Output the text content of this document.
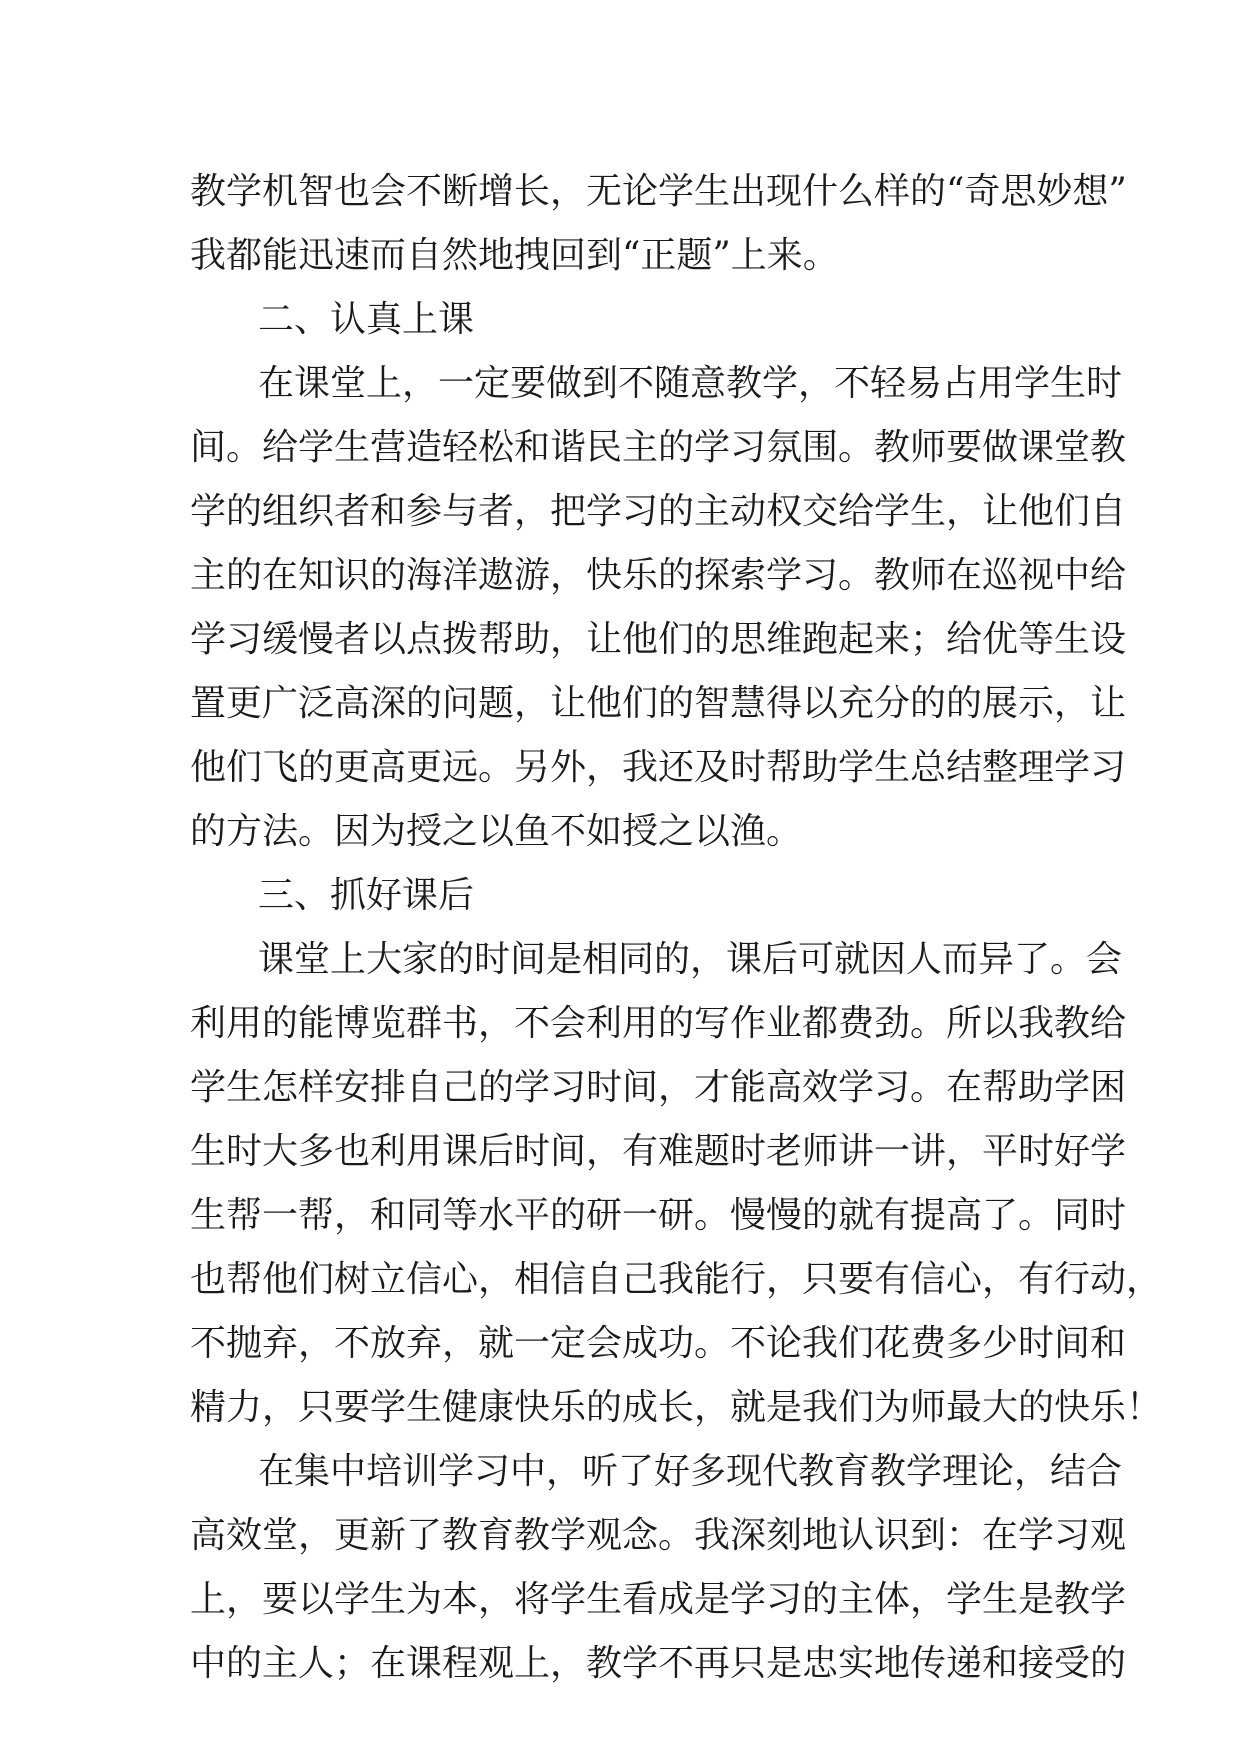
教学机智也会不断增长，无论学生出现什么样的“奇思妙想”
我都能迅速而自然地拽回到“正题”上来。
二、认真上课
在课堂上，一定要做到不随意教学，不轻易占用学生时
间。给学生营造轻松和谐民主的学习氛围。教师要做课堂教
学的组织者和参与者，把学习的主动权交给学生，让他们自
主的在知识的海洋遨游，快乐的探索学习。教师在巡视中给
学习缓慢者以点拨帮助，让他们的思维跑起来；给优等生设
置更广泛高深的问题，让他们的智慧得以充分的的展示，让
他们飞的更高更远。另外，我还及时帮助学生总结整理学习
的方法。因为授之以鱼不如授之以渔。
三、抓好课后
课堂上大家的时间是相同的，课后可就因人而异了。会
利用的能博览群书，不会利用的写作业都费劲。所以我教给
学生怎样安排自己的学习时间，才能高效学习。在帮助学困
生时大多也利用课后时间，有难题时老师讲一讲，平时好学
生帮一帮，和同等水平的研一研。慢慢的就有提高了。同时
也帮他们树立信心，相信自己我能行，只要有信心，有行动，
不抛弃，不放弃，就一定会成功。不论我们花费多少时间和
精力，只要学生健康快乐的成长，就是我们为师最大的快乐！
在集中培训学习中，听了好多现代教育教学理论，结合
高效堂，更新了教育教学观念。我深刻地认识到：在学习观
上，要以学生为本，将学生看成是学习的主体，学生是教学
中的主人；在课程观上，教学不再只是忠实地传递和接受的
